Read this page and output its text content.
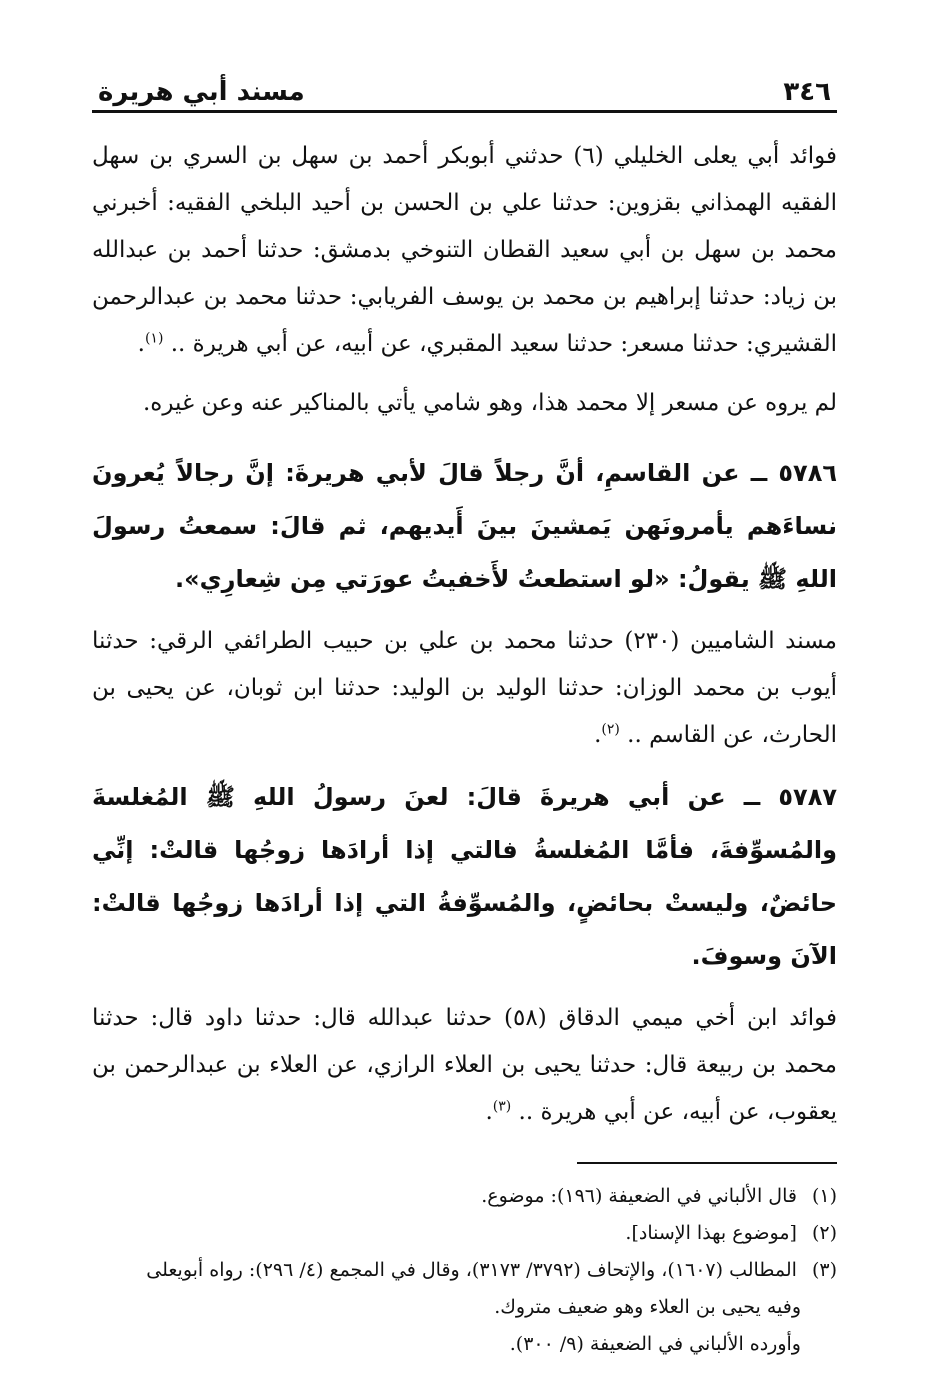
٣٤٦
مسند أبي هريرة

فوائد أبي يعلى الخليلي (٦) حدثني أبوبكر أحمد بن سهل بن السري بن سهل الفقيه الهمذاني بقزوين: حدثنا علي بن الحسن بن أحيد البلخي الفقيه: أخبرني محمد بن سهل بن أبي سعيد القطان التنوخي بدمشق: حدثنا أحمد بن عبدالله بن زياد: حدثنا إبراهيم بن محمد بن يوسف الفريابي: حدثنا محمد بن عبدالرحمن القشيري: حدثنا مسعر: حدثنا سعيد المقبري، عن أبيه، عن أبي هريرة .. $^{(١)}$.

لم يروه عن مسعر إلا محمد هذا، وهو شامي يأتي بالمناكير عنه وعن غيره.

٥٧٨٦ ــ عن القاسمِ، أنَّ رجلاً قالَ لأبي هريرةَ: إنَّ رجالاً يُعرونَ نساءَهم يأمرونَهن يَمشينَ بينَ أَيديهم، ثم قالَ: سمعتُ رسولَ اللهِ ﷺ يقولُ: «لو استطعتُ لأَخفيتُ عورَتي مِن شِعارِي».

مسند الشاميين (٢٣٠) حدثنا محمد بن علي بن حبيب الطرائفي الرقي: حدثنا أيوب بن محمد الوزان: حدثنا الوليد بن الوليد: حدثنا ابن ثوبان، عن يحيى بن الحارث، عن القاسم .. $^{(٢)}$.

٥٧٨٧ ــ عن أبي هريرةَ قالَ: لعنَ رسولُ اللهِ ﷺ المُغلسةَ والمُسوِّفةَ، فأمَّا المُغلسةُ فالتي إذا أرادَها زوجُها قالتْ: إنِّي حائضٌ، وليستْ بحائضٍ، والمُسوِّفةُ التي إذا أرادَها زوجُها قالتْ: الآنَ وسوفَ.

فوائد ابن أخي ميمي الدقاق (٥٨) حدثنا عبدالله قال: حدثنا داود قال: حدثنا محمد بن ربيعة قال: حدثنا يحيى بن العلاء الرازي، عن العلاء بن عبدالرحمن بن يعقوب، عن أبيه، عن أبي هريرة .. $^{(٣)}$.

(١) قال الألباني في الضعيفة (١٩٦): موضوع.

(٢) [موضوع بهذا الإسناد].

(٣) المطالب (١٦٠٧)، والإتحاف (٣٧٩٢/ ٣١٧٣)، وقال في المجمع (٤/ ٢٩٦): رواه أبويعلى

وفيه يحيى بن العلاء وهو ضعيف متروك.

وأورده الألباني في الضعيفة (٩/ ٣٠٠).
